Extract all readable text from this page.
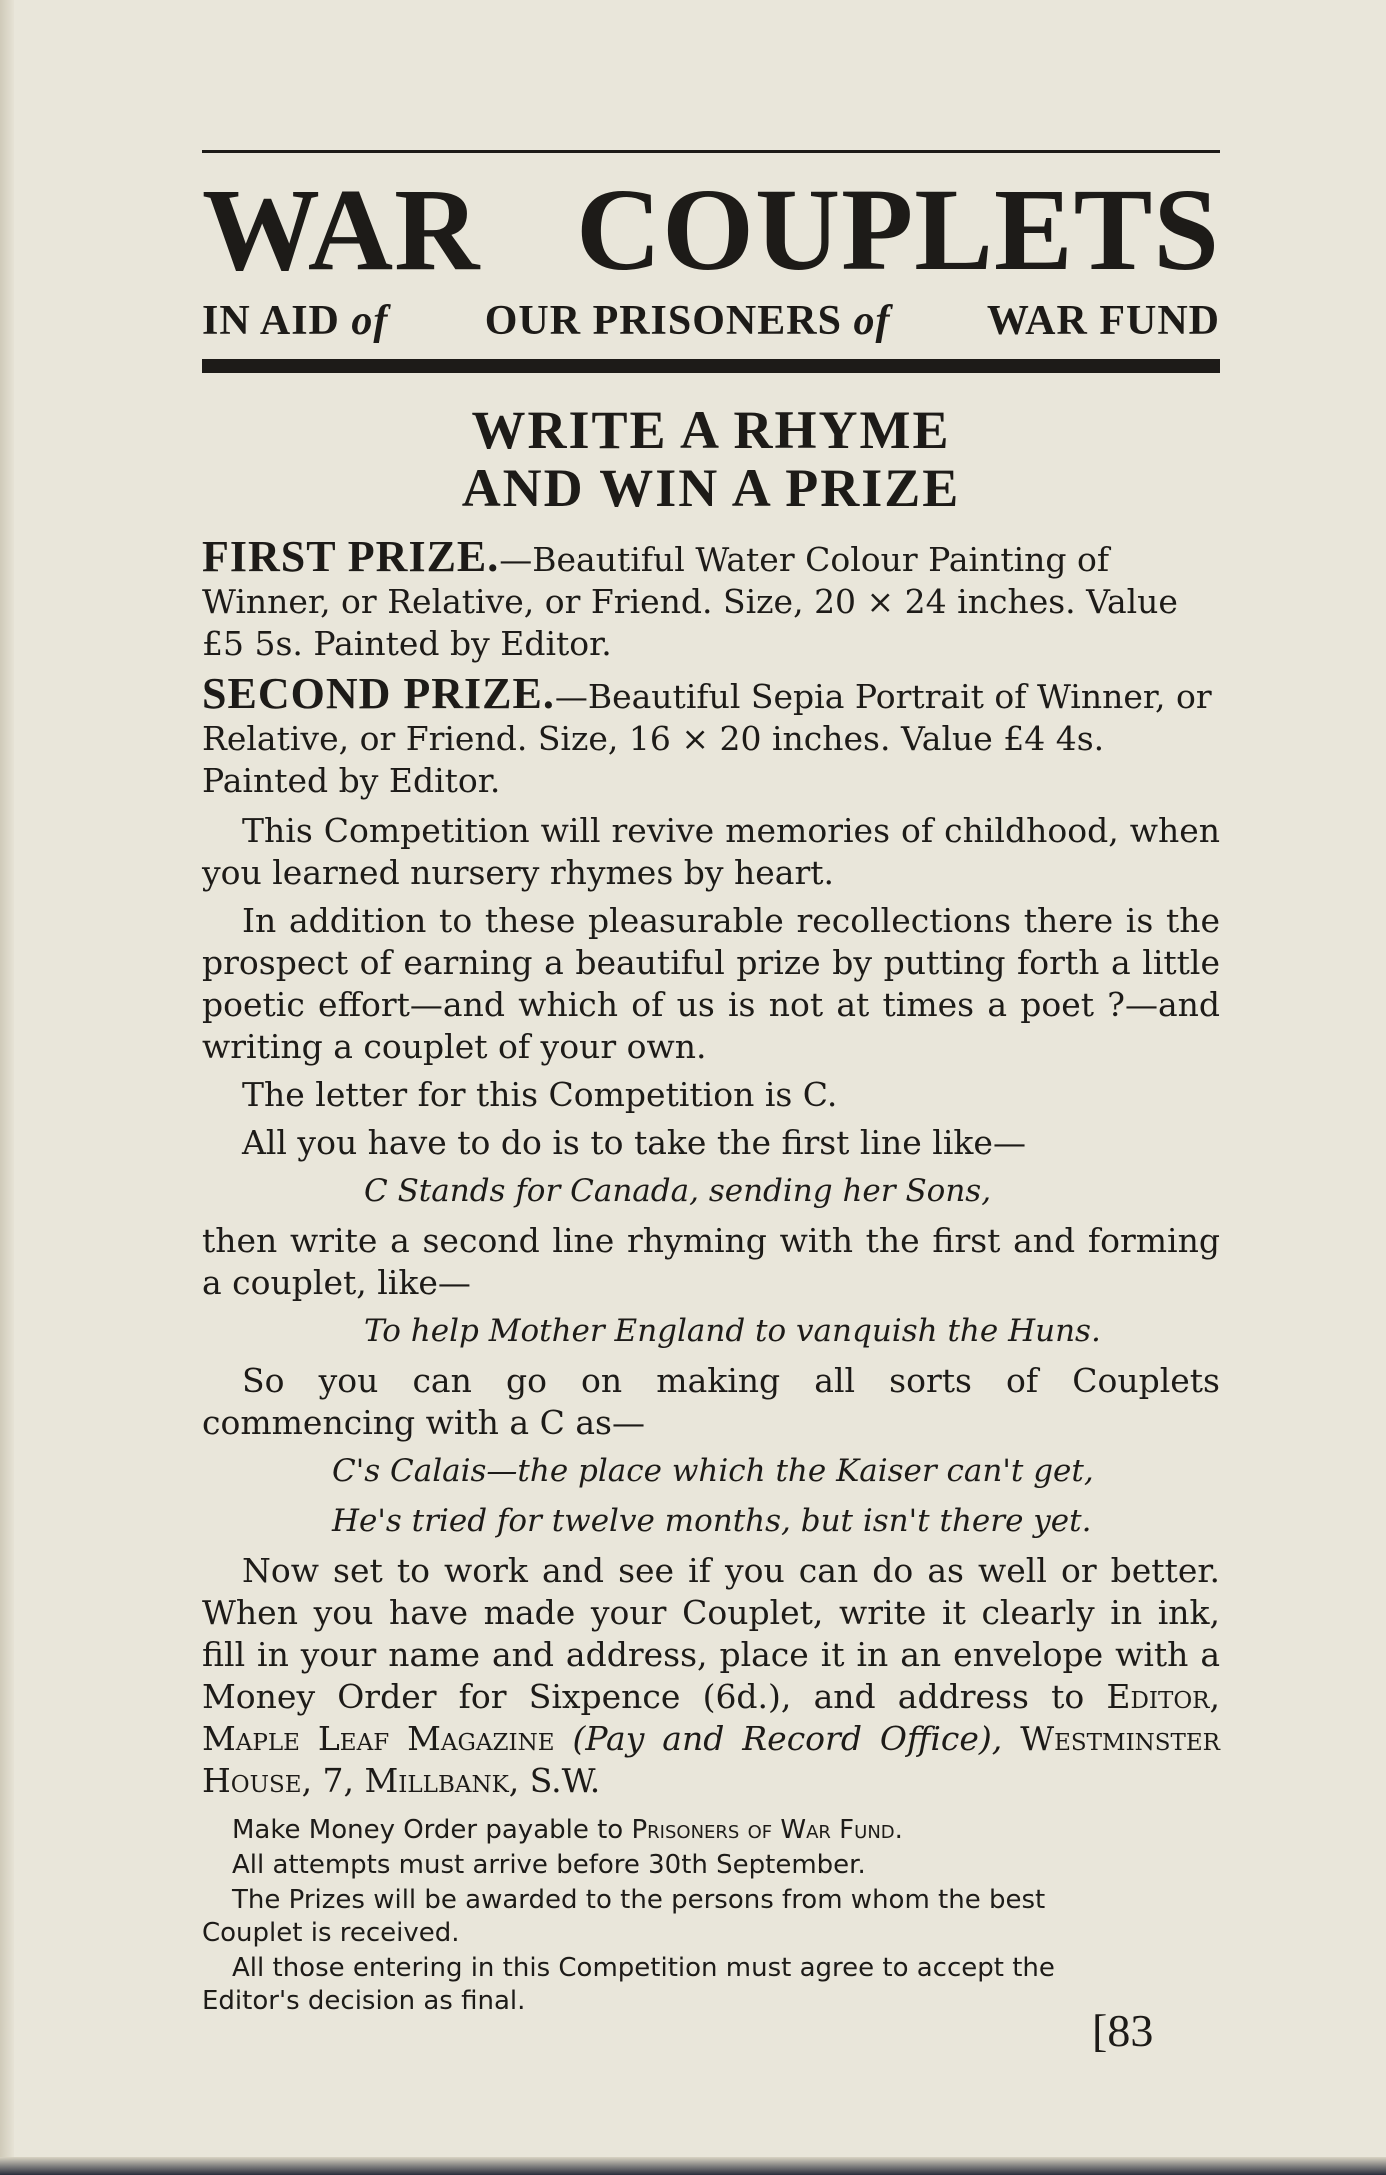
WAR COUPLETS
IN AID of OUR PRISONERS of WAR FUND
WRITE A RHYME
AND WIN A PRIZE
FIRST PRIZE.—Beautiful Water Colour Painting of Winner, or Relative, or Friend. Size, 20 × 24 inches. Value £5 5s. Painted by Editor.
SECOND PRIZE.—Beautiful Sepia Portrait of Winner, or Relative, or Friend. Size, 16 × 20 inches. Value £4 4s. Painted by Editor.

This Competition will revive memories of childhood, when you learned nursery rhymes by heart.

In addition to these pleasurable recollections there is the prospect of earning a beautiful prize by putting forth a little poetic effort—and which of us is not at times a poet ?—and writing a couplet of your own.

The letter for this Competition is C.

All you have to do is to take the first line like—

C Stands for Canada, sending her Sons,

then write a second line rhyming with the first and forming a couplet, like—

To help Mother England to vanquish the Huns.

So you can go on making all sorts of Couplets commencing with a C as—

C's Calais—the place which the Kaiser can't get,
He's tried for twelve months, but isn't there yet.

Now set to work and see if you can do as well or better. When you have made your Couplet, write it clearly in ink, fill in your name and address, place it in an envelope with a Money Order for Sixpence (6d.), and address to Editor, Maple Leaf Magazine (Pay and Record Office), Westminster House, 7, Millbank, S.W.

Make Money Order payable to Prisoners of War Fund.
All attempts must arrive before 30th September.
The Prizes will be awarded to the persons from whom the best
Couplet is received.
All those entering in this Competition must agree to accept the
Editor's decision as final.
[83
